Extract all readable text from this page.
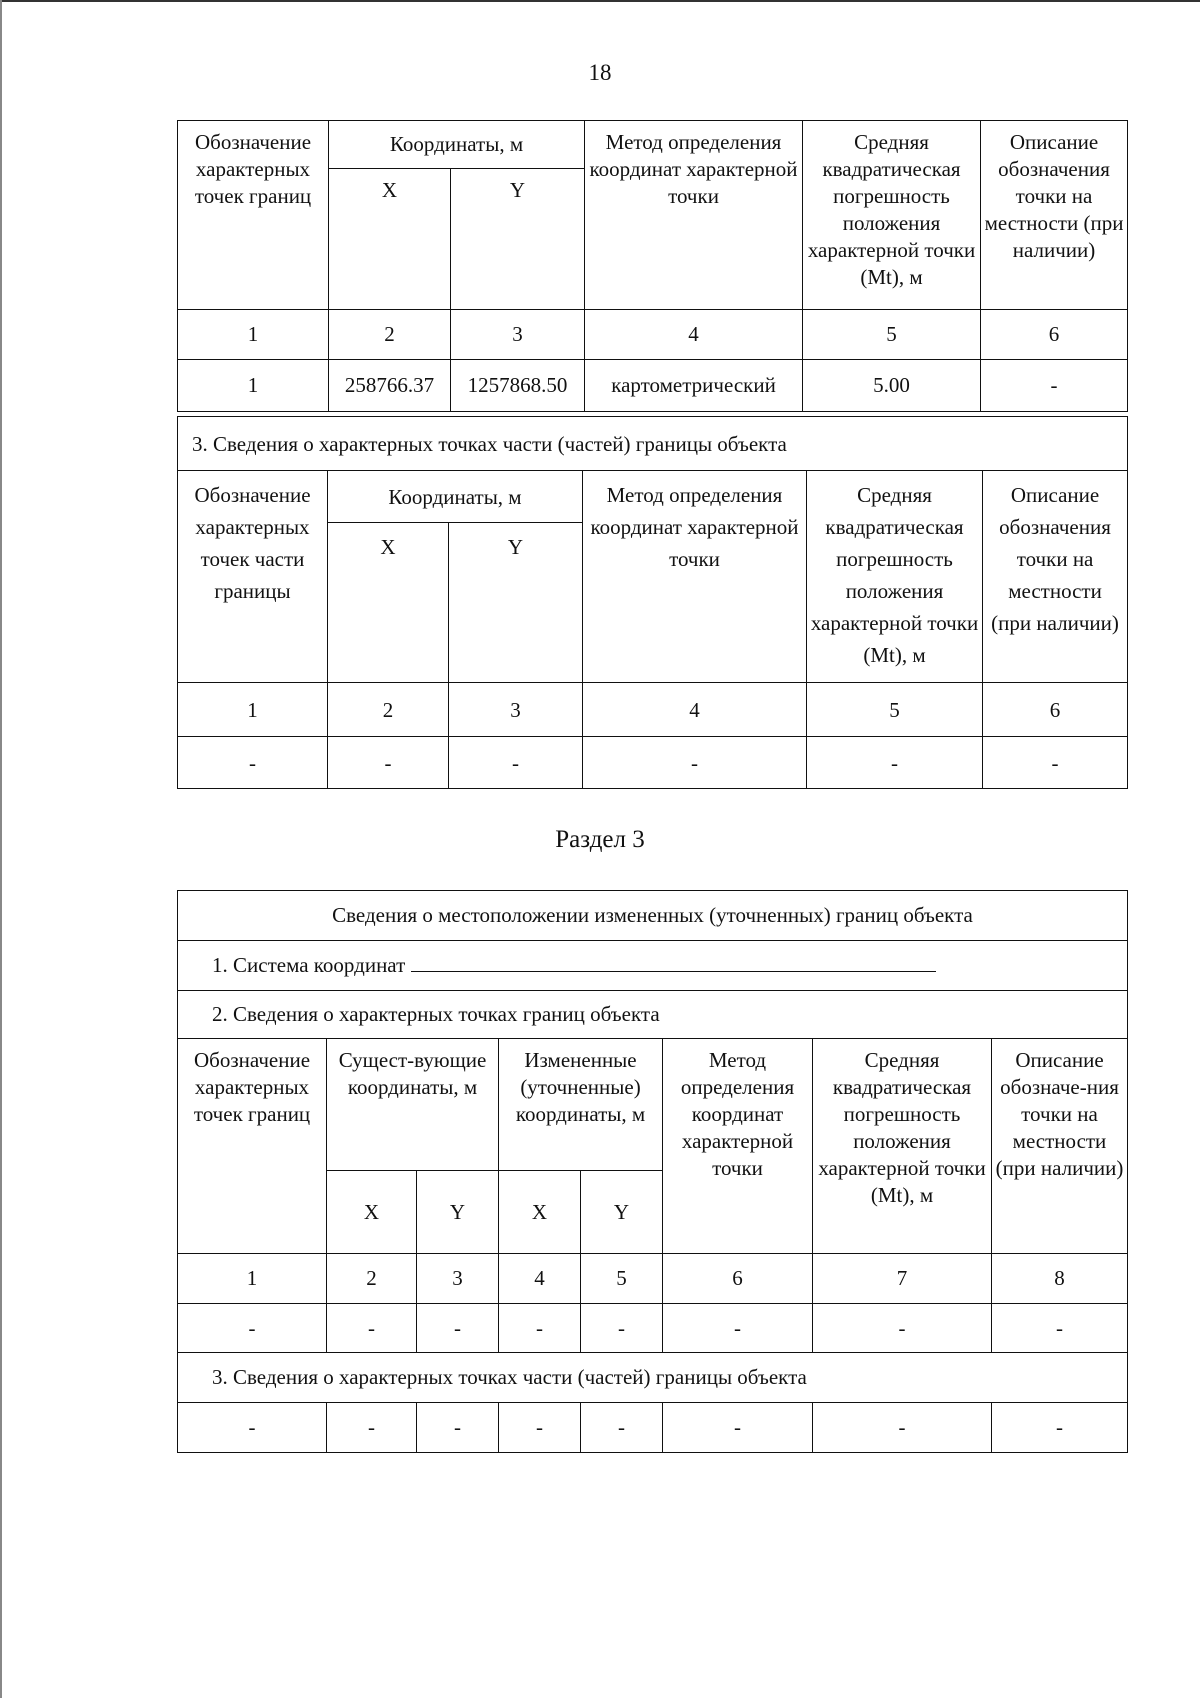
18
Обозначение характерных точек границ	Координаты, м		Метод определения координат характерной точки	Средняя квадратическая погрешность положения характерной точки (Mt), м	Описание обозначения точки на местности (при наличии)
	X	Y			
1	2	3	4	5	6
1	258766.37	1257868.50	картометрический	5.00	-
3. Сведения о характерных точках части (частей) границы объекта					
Обозначение характерных точек части границы	Координаты, м		Метод определения координат характерной точки	Средняя квадратическая погрешность положения характерной точки (Mt), м	Описание обозначения точки на местности (при наличии)
	X	Y			
1	2	3	4	5	6
-	-	-	-	-	-
Раздел 3
Сведения о местоположении измененных (уточненных) границ объекта							
1. Система координат							
2. Сведения о характерных точках границ объекта							
Обозначение характерных точек границ	Сущест-вующие координаты, м		Измененные (уточненные) координаты, м		Метод определения координат характерной точки	Средняя квадратическая погрешность положения характерной точки (Mt), м	Описание обозначе-ния точки на местности (при наличии)
	X	Y	X	Y			
1	2	3	4	5	6	7	8
-	-	-	-	-	-	-	-
3. Сведения о характерных точках части (частей) границы объекта							
-	-	-	-	-	-	-	-
